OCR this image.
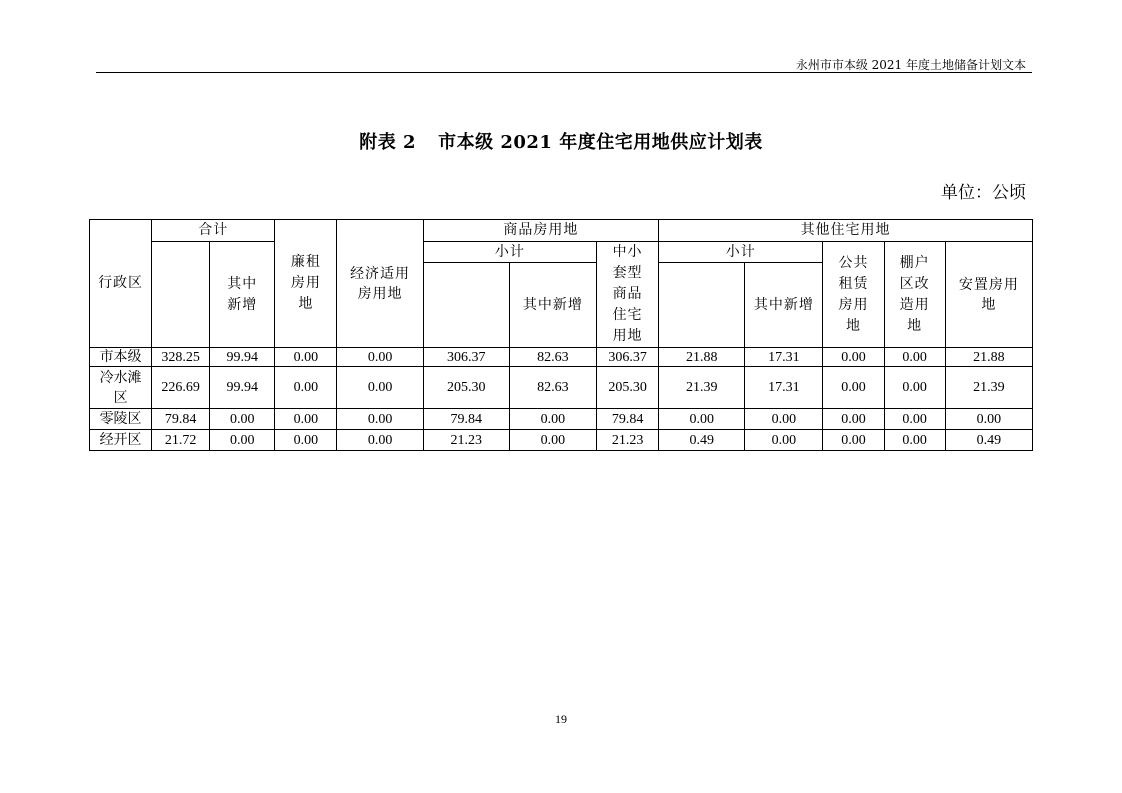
永州市市本级 2021 年度土地储备计划文本
附表 2 市本级 2021 年度住宅用地供应计划表
单位：公顷
行政区	合计		廉租房用地	经济适用房用地	商品房用地			其他住宅用地				
		其中新增			小计		中小套型商品住宅用地	小计		公共租赁房用地	棚户区改造用地	安置房用地
						其中新增			其中新增			
市本级	328.25	99.94	0.00	0.00	306.37	82.63	306.37	21.88	17.31	0.00	0.00	21.88
冷水滩区	226.69	99.94	0.00	0.00	205.30	82.63	205.30	21.39	17.31	0.00	0.00	21.39
零陵区	79.84	0.00	0.00	0.00	79.84	0.00	79.84	0.00	0.00	0.00	0.00	0.00
经开区	21.72	0.00	0.00	0.00	21.23	0.00	21.23	0.49	0.00	0.00	0.00	0.49
19
